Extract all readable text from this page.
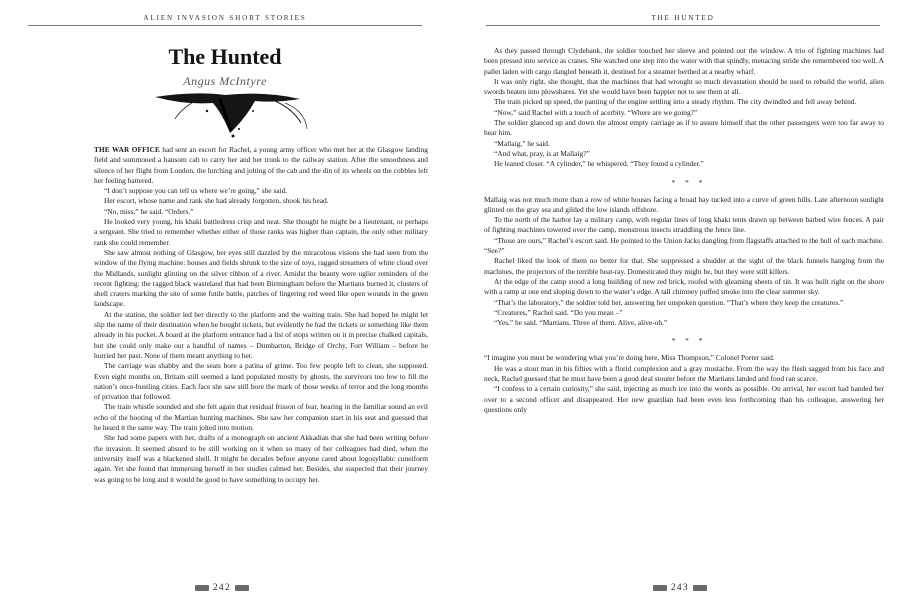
ALIEN INVASION SHORT STORIES
The Hunted
Angus McIntyre

THE WAR OFFICE had sent an escort for Rachel, a young army officer who met her at the Glasgow landing field and summoned a hansom cab to carry her and her trunk to the railway station. After the smoothness and silence of her flight from London, the lurching and jolting of the cab and the din of its wheels on the cobbles left her feeling battered.

“I don’t suppose you can tell us where we’re going,” she said.

Her escort, whose name and rank she had already forgotten, shook his head.

“No, miss,” he said. “Orders.”

He looked very young, his khaki battledress crisp and neat. She thought he might be a lieutenant, or perhaps a sergeant. She tried to remember whether either of those ranks was higher than captain, the only other military rank she could remember.

She saw almost nothing of Glasgow, her eyes still dazzled by the miraculous visions she had seen from the window of the flying machine: houses and fields shrunk to the size of toys, ragged streamers of white cloud over the Midlands, sunlight glinting on the silver ribbon of a river. Amidst the beauty were uglier reminders of the recent fighting: the ragged black wasteland that had been Birmingham before the Martians burned it, clusters of shell craters marking the site of some futile battle, patches of lingering red weed like open wounds in the green landscape.

At the station, the soldier led her directly to the platform and the waiting train. She had hoped he might let slip the name of their destination when he bought tickets, but evidently he had the tickets or something like them already in his pocket. A board at the platform entrance had a list of stops written on it in precise chalked capitals, but she could only make out a handful of names – Dumbarton, Bridge of Orchy, Fort William – before he hurried her past. None of them meant anything to her.

The carriage was shabby and the seats bore a patina of grime. Too few people left to clean, she supposed. Even eight months on, Britain still seemed a land populated mostly by ghosts, the survivors too few to fill the nation’s once-bustling cities. Each face she saw still bore the mark of those weeks of terror and the long months of privation that followed.

The train whistle sounded and she felt again that residual frisson of fear, hearing in the familiar sound an evil echo of the hooting of the Martian hunting machines. She saw her companion start in his seat and guessed that he heard it the same way. The train jolted into motion.

She had some papers with her, drafts of a monograph on ancient Akkadian that she had been writing before the invasion. It seemed absurd to be still working on it when so many of her colleagues had died, when the university itself was a blackened shell. It might be decades before anyone cared about logosyllabic cuneiform again. Yet she found that immersing herself in her studies calmed her. Besides, she suspected that their journey was going to be long and it would be good to have something to occupy her.

242
THE HUNTED

As they passed through Clydebank, the soldier touched her sleeve and pointed out the window. A trio of fighting machines had been pressed into service as cranes. She watched one step into the water with that spindly, menacing stride she remembered too well. A pallet laden with cargo dangled beneath it, destined for a steamer berthed at a nearby wharf.

It was only right, she thought, that the machines that had wrought so much devastation should be used to rebuild the world, alien swords beaten into plowshares. Yet she would have been happier not to see them at all.

The train picked up speed, the panting of the engine settling into a steady rhythm. The city dwindled and fell away behind.

“Now,” said Rachel with a touch of acerbity. “Where are we going?”

The soldier glanced up and down the almost empty carriage as if to assure himself that the other passengers were too far away to hear him.

“Mallaig,” he said.

“And what, pray, is at Mallaig?”

He leaned closer. “A cylinder,” he whispered. “They found a cylinder.”

* * *

Mallaig was not much more than a row of white houses facing a broad bay tucked into a curve of green hills. Late afternoon sunlight glinted on the gray sea and gilded the low islands offshore.

To the north of the harbor lay a military camp, with regular lines of long khaki tents drawn up between barbed wire fences. A pair of fighting machines towered over the camp, monstrous insects straddling the fence line.

“Those are ours,” Rachel’s escort said. He pointed to the Union Jacks dangling from flagstaffs attached to the hull of each machine. “See?”

Rachel liked the look of them no better for that. She suppressed a shudder at the sight of the black funnels hanging from the machines, the projectors of the terrible heat-ray. Domesticated they might be, but they were still killers.

At the edge of the camp stood a long building of new red brick, roofed with gleaming sheets of tin. It was built right on the shore with a ramp at one end sloping down to the water’s edge. A tall chimney puffed smoke into the clear summer sky.

“That’s the laboratory,” the soldier told her, answering her unspoken question. “That’s where they keep the creatures.”

“Creatures,” Rachel said. “Do you mean –”

“Yes,” he said. “Martians. Three of them. Alive, alive-oh.”

* * *

“I imagine you must be wondering what you’re doing here, Miss Thompson,” Colonel Porter said.

He was a stout man in his fifties with a florid complexion and a gray mustache. From the way the flesh sagged from his face and neck, Rachel guessed that he must have been a good deal stouter before the Martians landed and food ran scarce.

“I confess to a certain curiosity,” she said, injecting as much ice into the words as possible. On arrival, her escort had handed her over to a second officer and disappeared. Her new guardian had been even less forthcoming than his colleague, answering her questions only

243
